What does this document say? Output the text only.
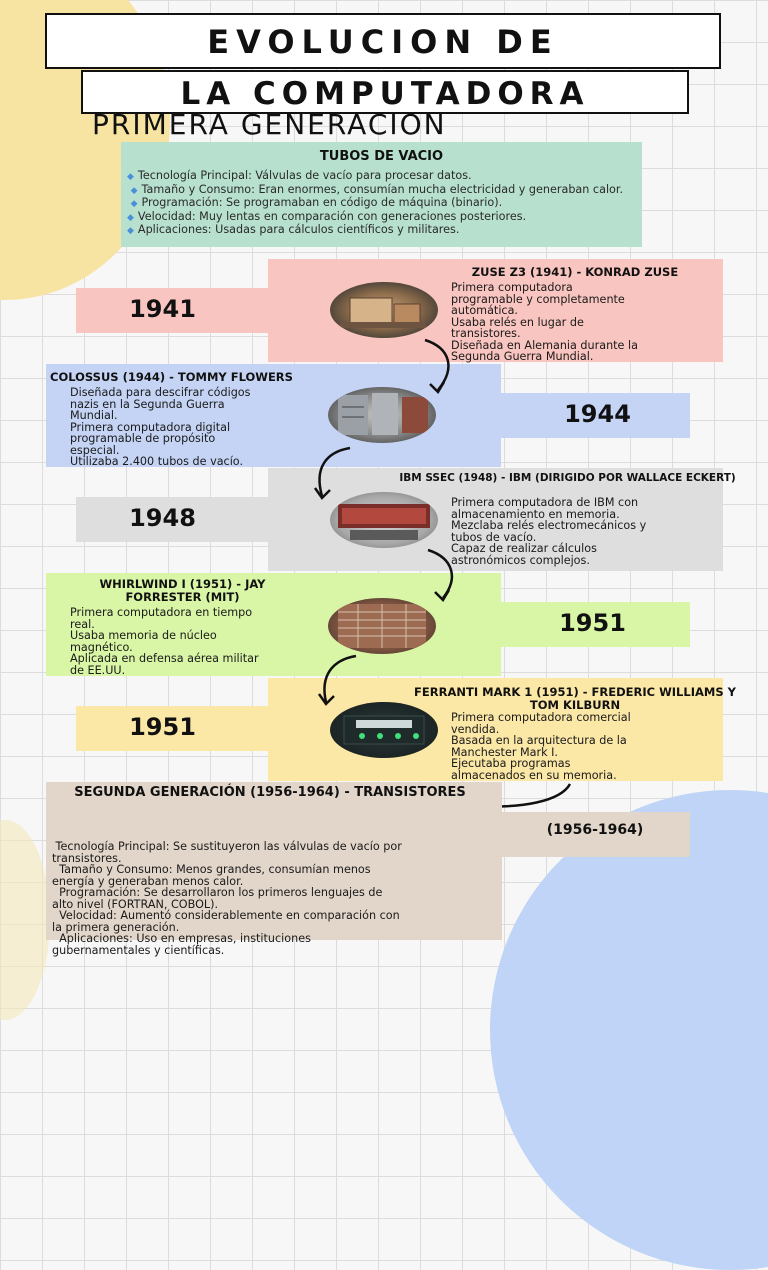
EVOLUCION DE
LA COMPUTADORA
PRIMERA GENERACION
TUBOS DE VACIO
◆ Tecnología Principal: Válvulas de vacío para procesar datos.
◆ Tamaño y Consumo: Eran enormes, consumían mucha electricidad y generaban calor.
◆ Programación: Se programaban en código de máquina (binario).
◆ Velocidad: Muy lentas en comparación con generaciones posteriores.
◆ Aplicaciones: Usadas para cálculos científicos y militares.
1941
ZUSE Z3 (1941) - KONRAD ZUSE
Primera computadora
programable y completamente
automática.
Usaba relés en lugar de
transistores.
Diseñada en Alemania durante la
Segunda Guerra Mundial.
1944
COLOSSUS (1944) - TOMMY FLOWERS
Diseñada para descifrar códigos
nazis en la Segunda Guerra
Mundial.
Primera computadora digital
programable de propósito
especial.
Utilizaba 2.400 tubos de vacío.
1948
IBM SSEC (1948) - IBM (DIRIGIDO POR WALLACE ECKERT)
Primera computadora de IBM con
almacenamiento en memoria.
Mezclaba relés electromecánicos y
tubos de vacío.
Capaz de realizar cálculos
astronómicos complejos.
1951
WHIRLWIND I (1951) - JAY FORRESTER (MIT)
Primera computadora en tiempo
real.
Usaba memoria de núcleo
magnético.
Aplicada en defensa aérea militar
de EE.UU.
1951
FERRANTI MARK 1 (1951) - FREDERIC WILLIAMS Y TOM KILBURN
Primera computadora comercial
vendida.
Basada en la arquitectura de la
Manchester Mark I.
Ejecutaba programas
almacenados en su memoria.
SEGUNDA GENERACIÓN (1956-1964) - TRANSISTORES
(1956-1964)

Tecnología Principal: Se sustituyeron las válvulas de vacío por
transistores.
Tamaño y Consumo: Menos grandes, consumían menos
energía y generaban menos calor.
Programación: Se desarrollaron los primeros lenguajes de
alto nivel (FORTRAN, COBOL).
Velocidad: Aumentó considerablemente en comparación con
la primera generación.
Aplicaciones: Uso en empresas, instituciones
gubernamentales y científicas.
